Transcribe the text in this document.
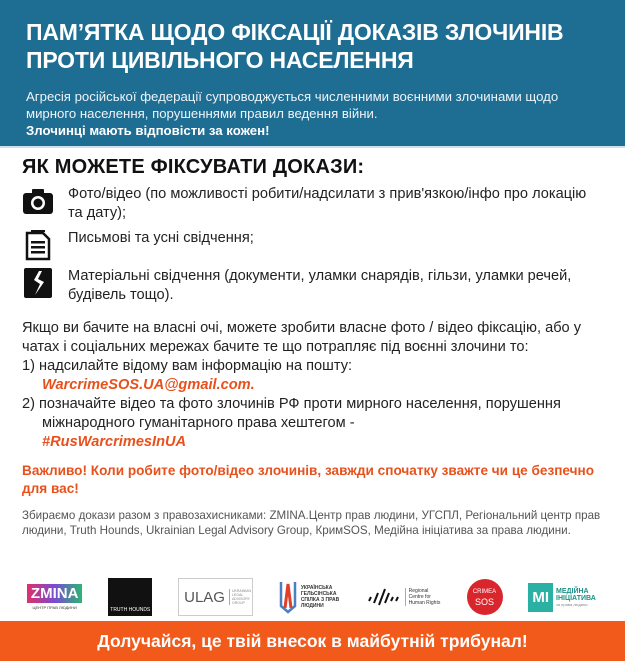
ПАМ’ЯТКА ЩОДО ФІКСАЦІЇ ДОКАЗІВ ЗЛОЧИНІВ ПРОТИ ЦИВІЛЬНОГО НАСЕЛЕННЯ
Агресія російської федерації супроводжується численними воєнними злочинами щодо мирного населення, порушеннями правил ведення війни.
Злочинці мають відповісти за кожен!
ЯК МОЖЕТЕ ФІКСУВАТИ ДОКАЗИ:
Фото/відео (по можливості робити/надсилати з прив'язкою/інфо про локацію та дату);
Письмові та усні свідчення;
Матеріальні свідчення (документи, уламки снарядів, гільзи, уламки речей, будівель тощо).
Якщо ви бачите на власні очі, можете зробити власне фото / відео фіксацію, або у чатах і соціальних мережах бачите те що потрапляє під воєнні злочини то:
1) надсилайте відому вам інформацію на пошту:
WarcrimeSOS.UA@gmail.com.
2) позначайте відео та фото злочинів РФ проти мирного населення, порушення міжнародного гуманітарного права хештегом -
#RusWarcrimesInUA
Важливо! Коли робите фото/відео злочинів, завжди спочатку зважте чи це безпечно для вас!
Збираємо докази разом з правозахисниками: ZMINA.Центр прав людини, УГСПЛ, Регіональний центр прав людини, Truth Hounds, Ukrainian Legal Advisory Group, КримSOS, Медійна ініціатива за права людини.
ZMINA
ЦЕНТР ПРАВ ЛЮДИНИ	TRUTH HOUNDS
ULAG	UKRAINIAN LEGAL ADVISORY GROUP
УКРАЇНСЬКА ГЕЛЬСІНСЬКА СПІЛКА З ПРАВ ЛЮДИНИ
Regional Centre for Human Rights
CRIMEA
SOS	МІ	МЕДІЙНА ІНІЦІАТИВА
за права людини
Долучайся, це твій внесок в майбутній трибунал!
